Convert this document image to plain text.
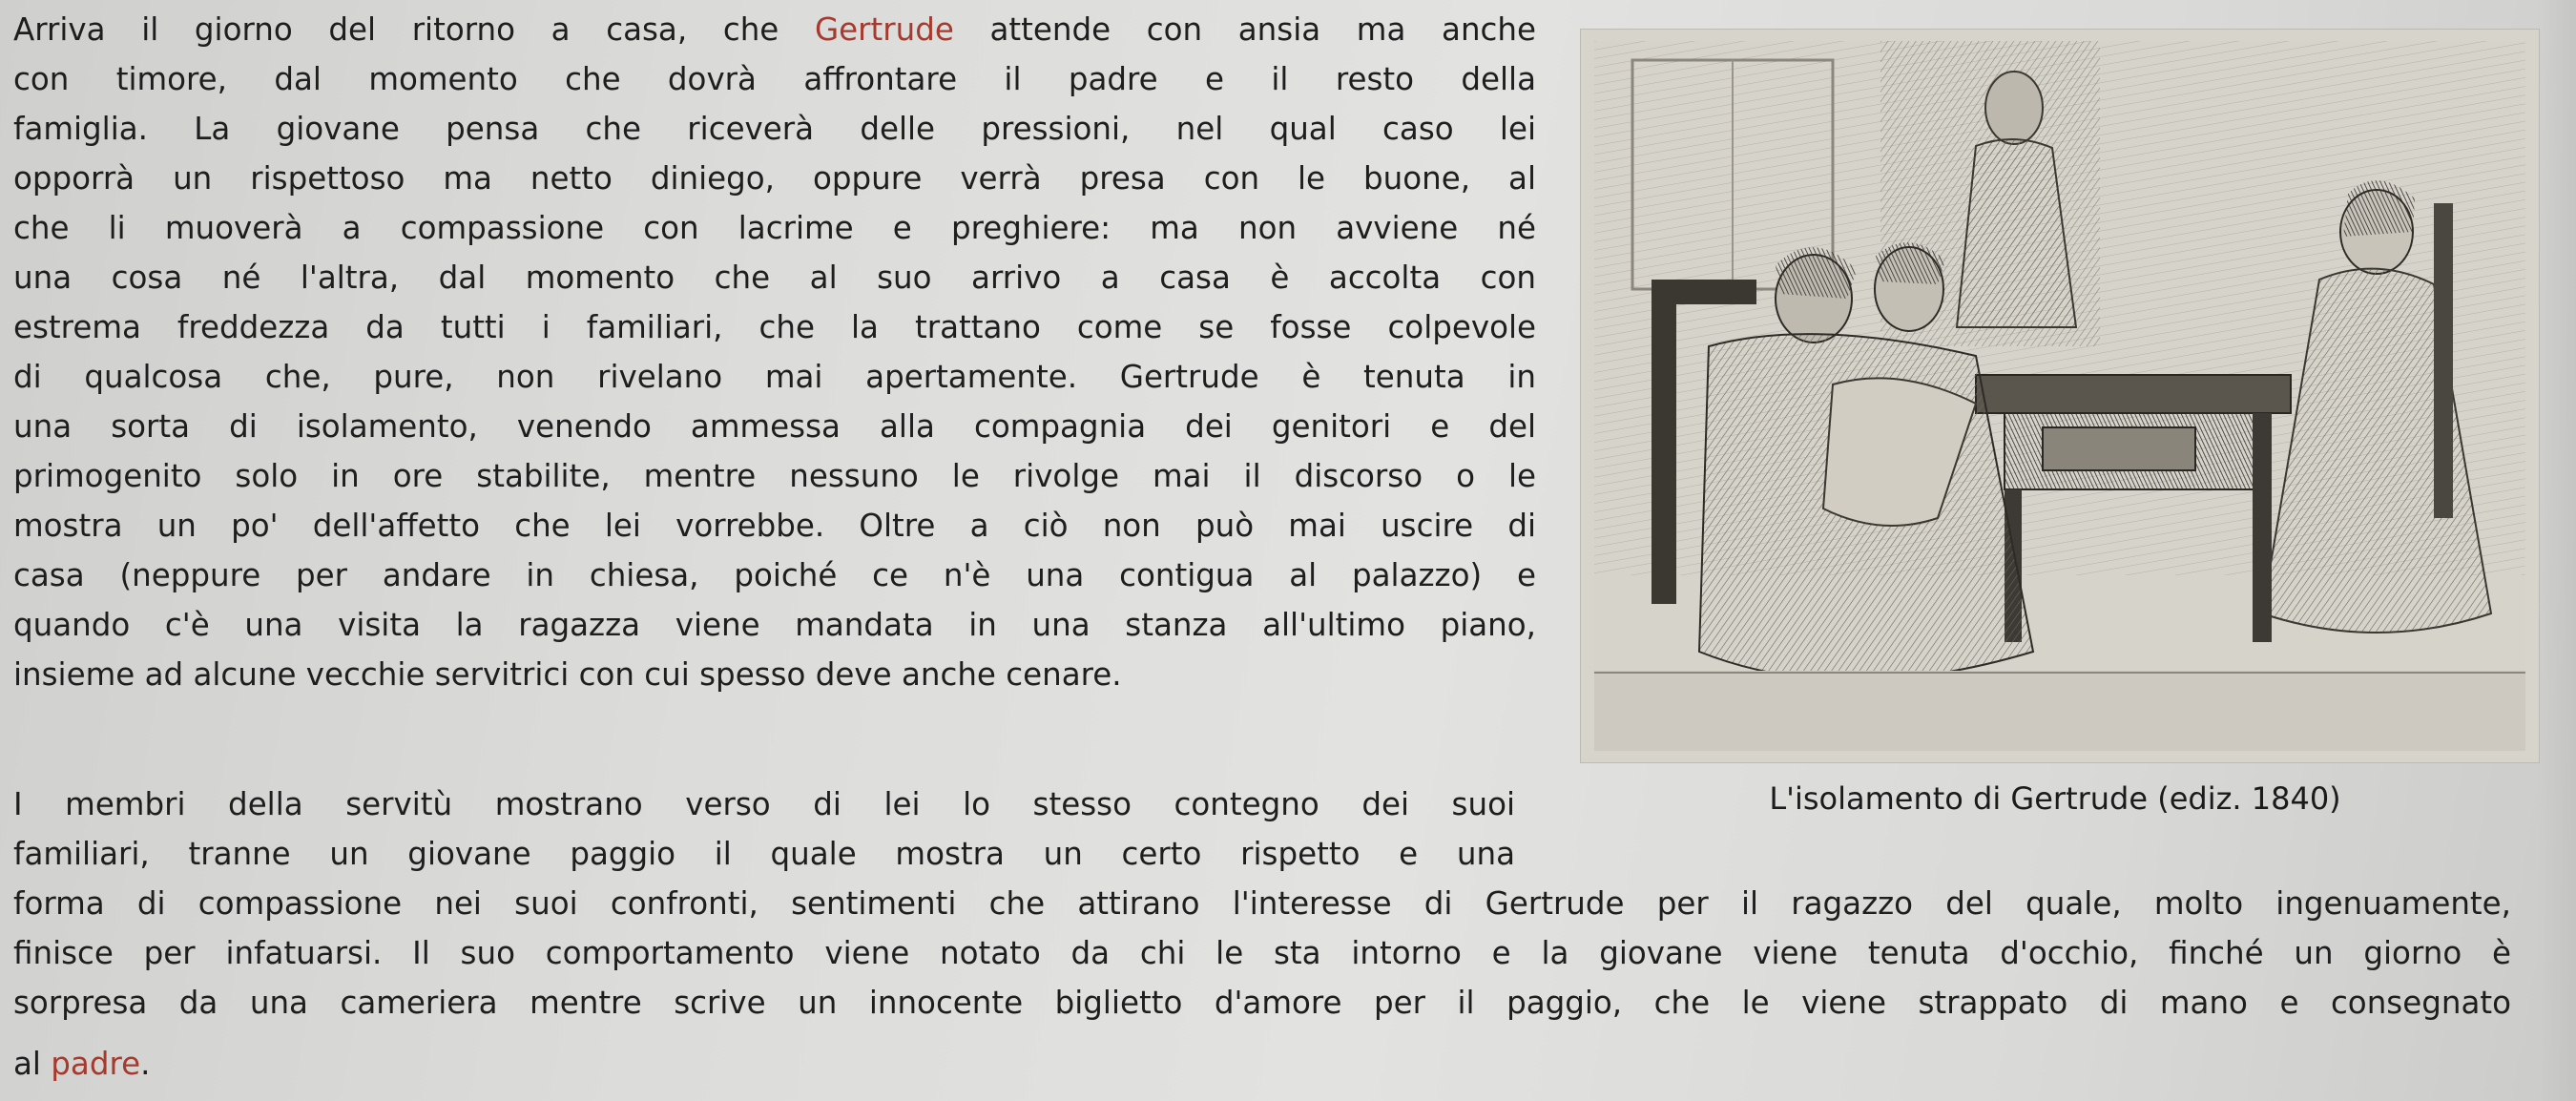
Arriva il giorno del ritorno a casa, che Gertrude attende con ansia ma anche
con timore, dal momento che dovrà affrontare il padre e il resto della
famiglia. La giovane pensa che riceverà delle pressioni, nel qual caso lei
opporrà un rispettoso ma netto diniego, oppure verrà presa con le buone, al
che li muoverà a compassione con lacrime e preghiere: ma non avviene né
una cosa né l'altra, dal momento che al suo arrivo a casa è accolta con
estrema freddezza da tutti i familiari, che la trattano come se fosse colpevole
di qualcosa che, pure, non rivelano mai apertamente. Gertrude è tenuta in
una sorta di isolamento, venendo ammessa alla compagnia dei genitori e del
primogenito solo in ore stabilite, mentre nessuno le rivolge mai il discorso o le
mostra un po' dell'affetto che lei vorrebbe. Oltre a ciò non può mai uscire di
casa (neppure per andare in chiesa, poiché ce n'è una contigua al palazzo) e
quando c'è una visita la ragazza viene mandata in una stanza all'ultimo piano,
insieme ad alcune vecchie servitrici con cui spesso deve anche cenare.
I membri della servitù mostrano verso di lei lo stesso contegno dei suoi
familiari, tranne un giovane paggio il quale mostra un certo rispetto e una
forma di compassione nei suoi confronti, sentimenti che attirano l'interesse di Gertrude per il ragazzo del quale, molto ingenuamente,
finisce per infatuarsi. Il suo comportamento viene notato da chi le sta intorno e la giovane viene tenuta d'occhio, finché un giorno è
sorpresa da una cameriera mentre scrive un innocente biglietto d'amore per il paggio, che le viene strappato di mano e consegnato
al padre.
L'isolamento di Gertrude (ediz. 1840)
